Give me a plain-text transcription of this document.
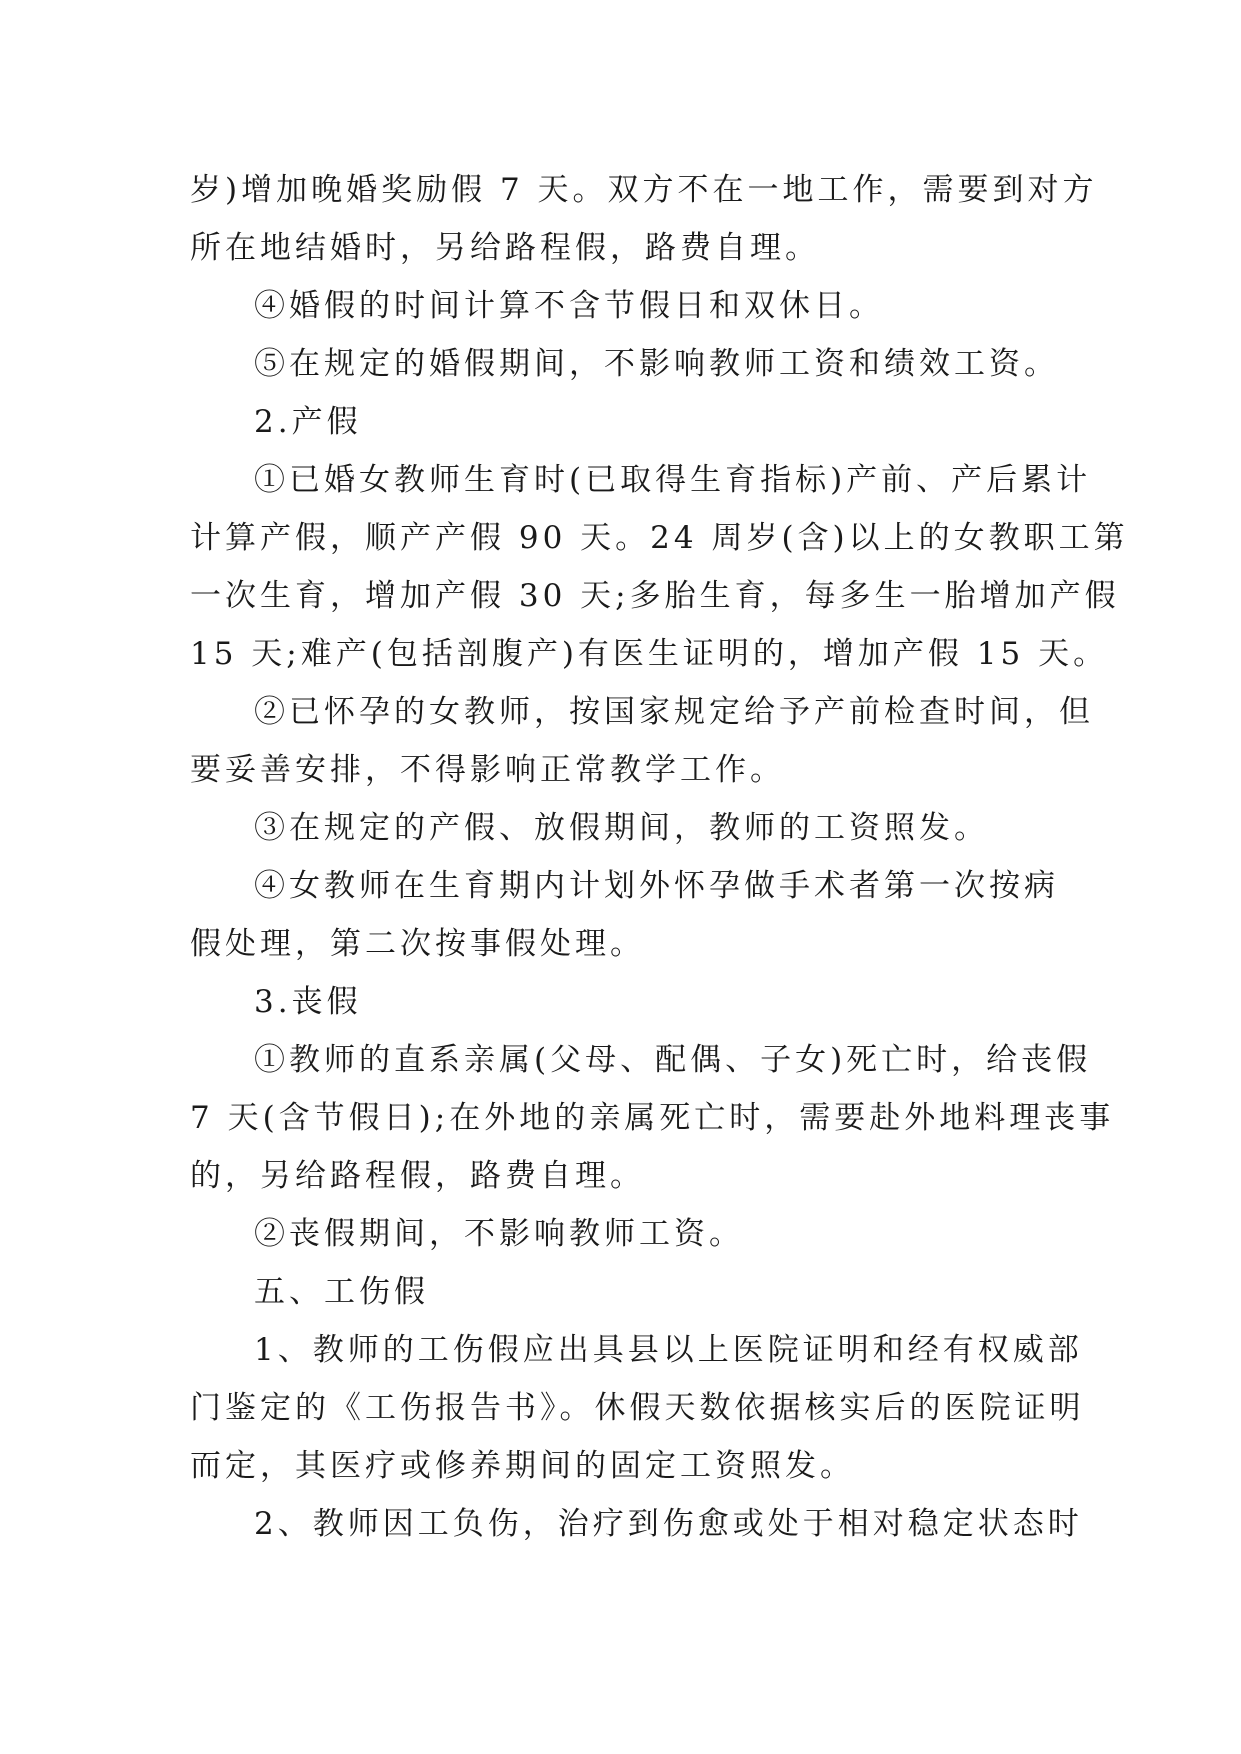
岁)增加晚婚奖励假 7 天。双方不在一地工作，需要到对方
所在地结婚时，另给路程假，路费自理。
④婚假的时间计算不含节假日和双休日。
⑤在规定的婚假期间，不影响教师工资和绩效工资。
2.产假
①已婚女教师生育时(已取得生育指标)产前、产后累计
计算产假，顺产产假 90 天。24 周岁(含)以上的女教职工第
一次生育，增加产假 30 天;多胎生育，每多生一胎增加产假
15 天;难产(包括剖腹产)有医生证明的，增加产假 15 天。
②已怀孕的女教师，按国家规定给予产前检查时间，但
要妥善安排，不得影响正常教学工作。
③在规定的产假、放假期间，教师的工资照发。
④女教师在生育期内计划外怀孕做手术者第一次按病
假处理，第二次按事假处理。
3.丧假
①教师的直系亲属(父母、配偶、子女)死亡时，给丧假
7 天(含节假日);在外地的亲属死亡时，需要赴外地料理丧事
的，另给路程假，路费自理。
②丧假期间，不影响教师工资。
五、工伤假
1、教师的工伤假应出具县以上医院证明和经有权威部
门鉴定的《工伤报告书》。休假天数依据核实后的医院证明
而定，其医疗或修养期间的固定工资照发。
2、教师因工负伤，治疗到伤愈或处于相对稳定状态时
